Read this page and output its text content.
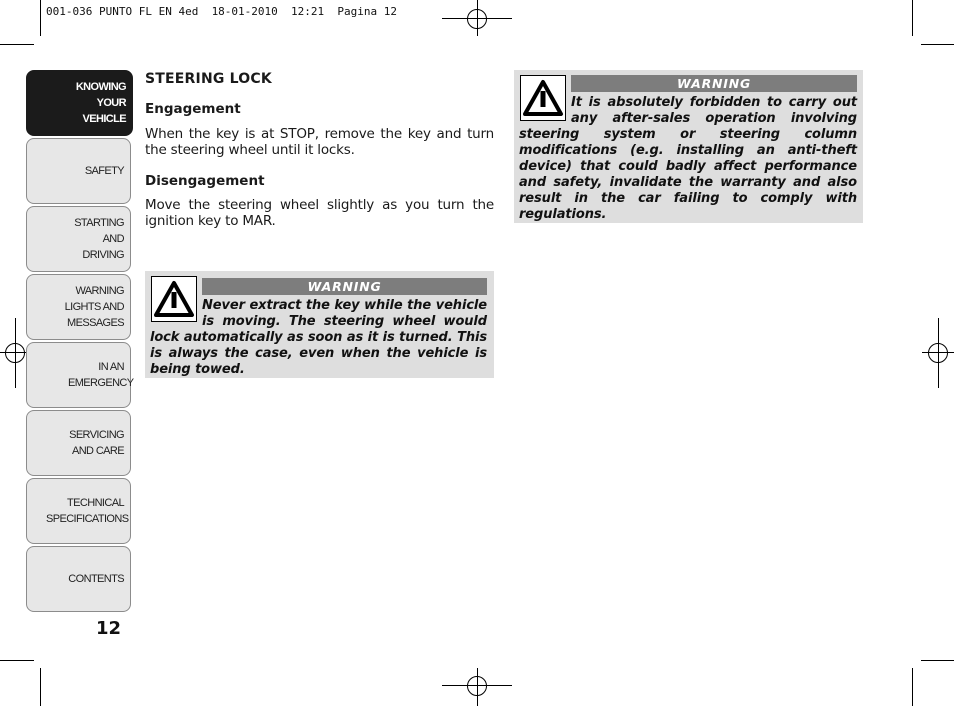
001-036 PUNTO FL EN 4ed  18-01-2010  12:21  Pagina 12
KNOWING YOUR VEHICLE
SAFETY
STARTING AND DRIVING
WARNING LIGHTS AND MESSAGES
IN AN EMERGENCY
SERVICING AND CARE
TECHNICAL SPECIFICATIONS
CONTENTS
12
STEERING LOCK
Engagement
When the key is at STOP, remove the key and turn the steering wheel until it locks.
Disengagement
Move the steering wheel slightly as you turn the ignition key to MAR.
WARNING
Never extract the key while the vehicle is moving. The steering wheel would lock automatically as soon as it is turned. This is always the case, even when the vehicle is being towed.
WARNING
It is absolutely forbidden to carry out any after-sales operation involving steering system or steering column modifications (e.g. installing an anti-theft device) that could badly affect performance and safety, invalidate the warranty and also result in the car failing to comply with regulations.
